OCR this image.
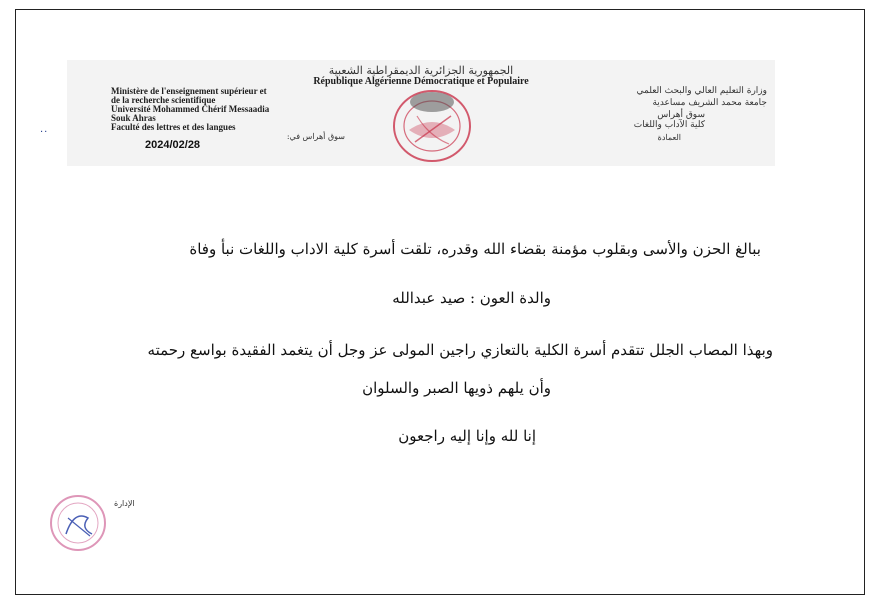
الجمهورية الجزائرية الديمقراطية الشعبية
République Algérienne Démocratique et Populaire
Ministère de l'enseignement supérieur et
de la recherche scientifique
Université Mohammed Chérif Messaadia
Souk Ahras
Faculté des lettres et des langues
وزارة التعليم العالي والبحث العلمي
جامعة محمد الشريف مساعدية
سوق أهراس
كلية الآداب واللغات
العمادة
سوق أهراس في:
2024/02/28
..
ببالغ الحزن والأسى وبقلوب مؤمنة بقضاء الله وقدره، تلقت أسرة كلية الاداب واللغات نبأ وفاة
والدة العون : صيد عبدالله
وبهذا المصاب الجلل تتقدم أسرة الكلية بالتعازي راجين المولى عز وجل أن يتغمد الفقيدة بواسع رحمته
وأن يلهم ذويها الصبر والسلوان
إنا لله وإنا إليه راجعون
الإدارة
